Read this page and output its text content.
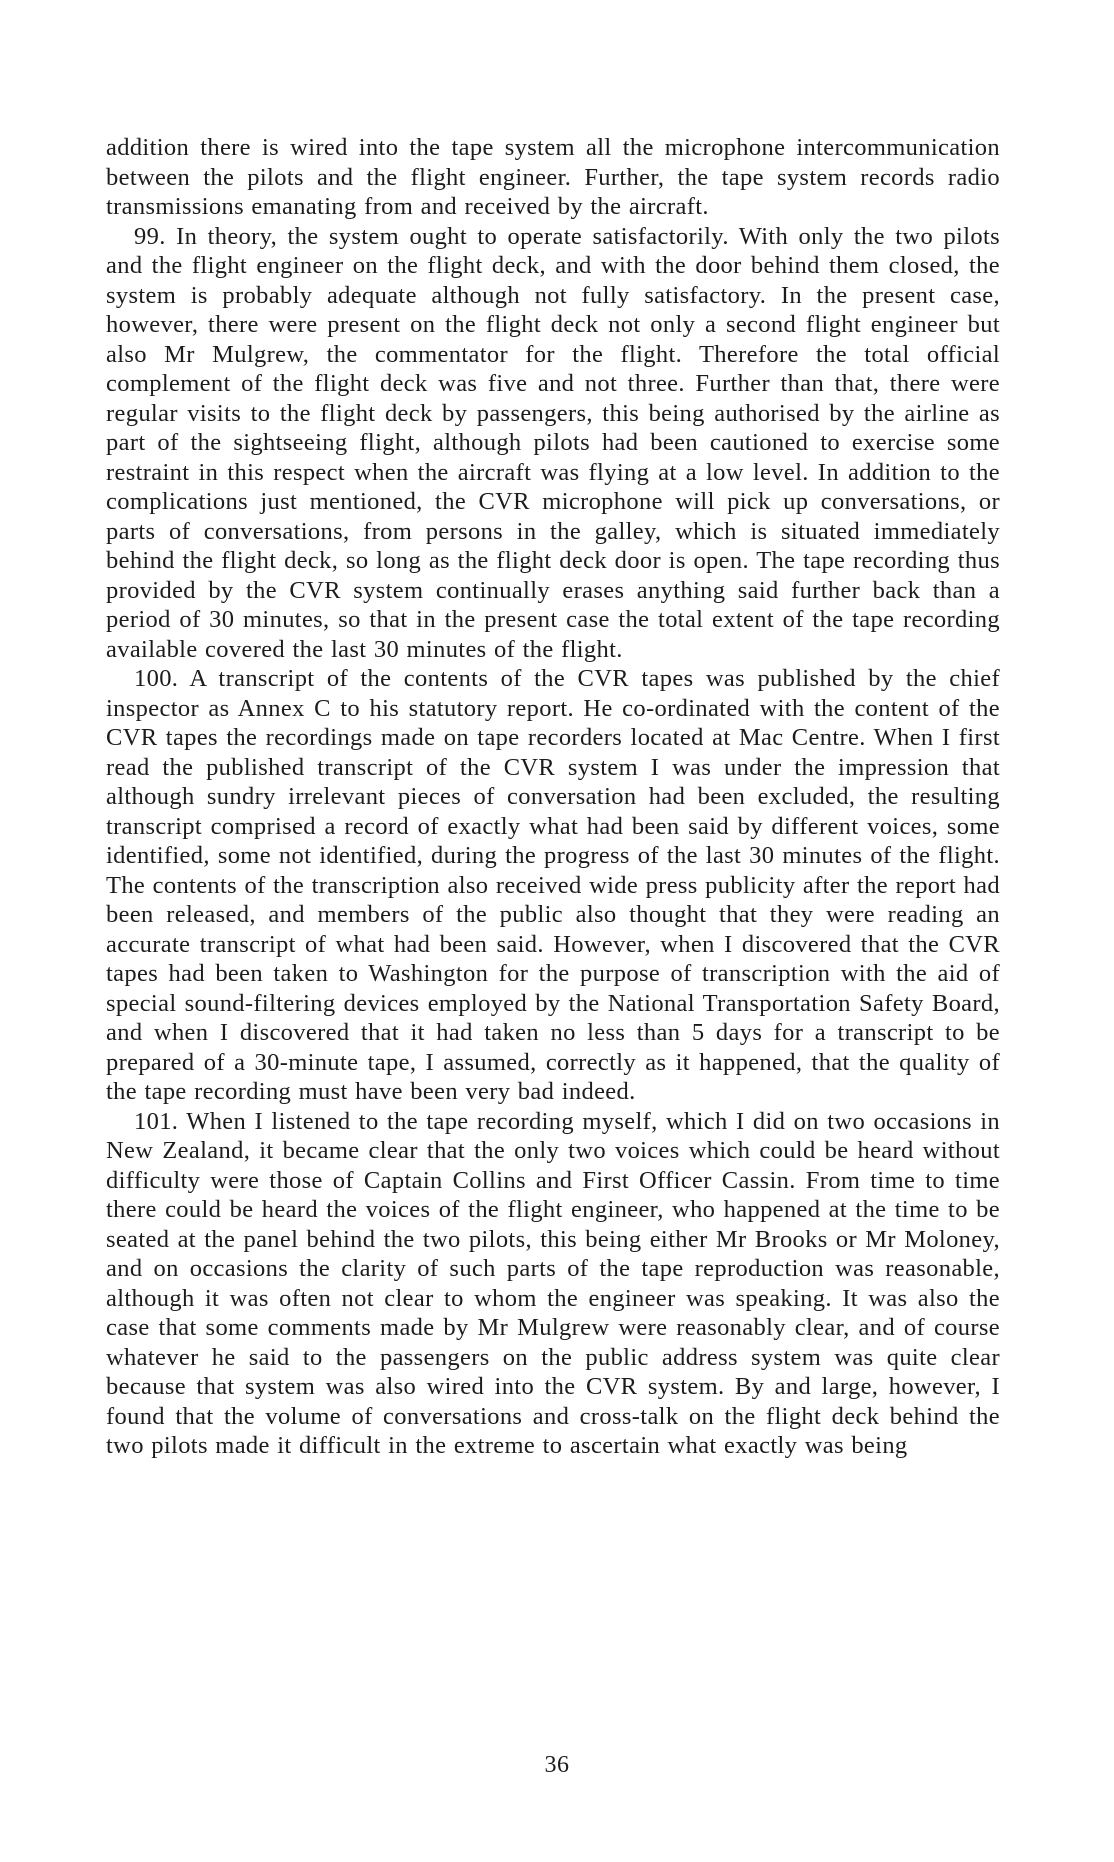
addition there is wired into the tape system all the microphone intercommunication between the pilots and the flight engineer. Further, the tape system records radio transmissions emanating from and received by the aircraft.

99. In theory, the system ought to operate satisfactorily. With only the two pilots and the flight engineer on the flight deck, and with the door behind them closed, the system is probably adequate although not fully satisfactory. In the present case, however, there were present on the flight deck not only a second flight engineer but also Mr Mulgrew, the commentator for the flight. Therefore the total official complement of the flight deck was five and not three. Further than that, there were regular visits to the flight deck by passengers, this being authorised by the airline as part of the sightseeing flight, although pilots had been cautioned to exercise some restraint in this respect when the aircraft was flying at a low level. In addition to the complications just mentioned, the CVR microphone will pick up conversations, or parts of conversations, from persons in the galley, which is situated immediately behind the flight deck, so long as the flight deck door is open. The tape recording thus provided by the CVR system continually erases anything said further back than a period of 30 minutes, so that in the present case the total extent of the tape recording available covered the last 30 minutes of the flight.

100. A transcript of the contents of the CVR tapes was published by the chief inspector as Annex C to his statutory report. He co-ordinated with the content of the CVR tapes the recordings made on tape recorders located at Mac Centre. When I first read the published transcript of the CVR system I was under the impression that although sundry irrelevant pieces of conversation had been excluded, the resulting transcript comprised a record of exactly what had been said by different voices, some identified, some not identified, during the progress of the last 30 minutes of the flight. The contents of the transcription also received wide press publicity after the report had been released, and members of the public also thought that they were reading an accurate transcript of what had been said. However, when I discovered that the CVR tapes had been taken to Washington for the purpose of transcription with the aid of special sound-filtering devices employed by the National Transportation Safety Board, and when I discovered that it had taken no less than 5 days for a transcript to be prepared of a 30-minute tape, I assumed, correctly as it happened, that the quality of the tape recording must have been very bad indeed.

101. When I listened to the tape recording myself, which I did on two occasions in New Zealand, it became clear that the only two voices which could be heard without difficulty were those of Captain Collins and First Officer Cassin. From time to time there could be heard the voices of the flight engineer, who happened at the time to be seated at the panel behind the two pilots, this being either Mr Brooks or Mr Moloney, and on occasions the clarity of such parts of the tape reproduction was reasonable, although it was often not clear to whom the engineer was speaking. It was also the case that some comments made by Mr Mulgrew were reasonably clear, and of course whatever he said to the passengers on the public address system was quite clear because that system was also wired into the CVR system. By and large, however, I found that the volume of conversations and cross-talk on the flight deck behind the two pilots made it difficult in the extreme to ascertain what exactly was being

36
